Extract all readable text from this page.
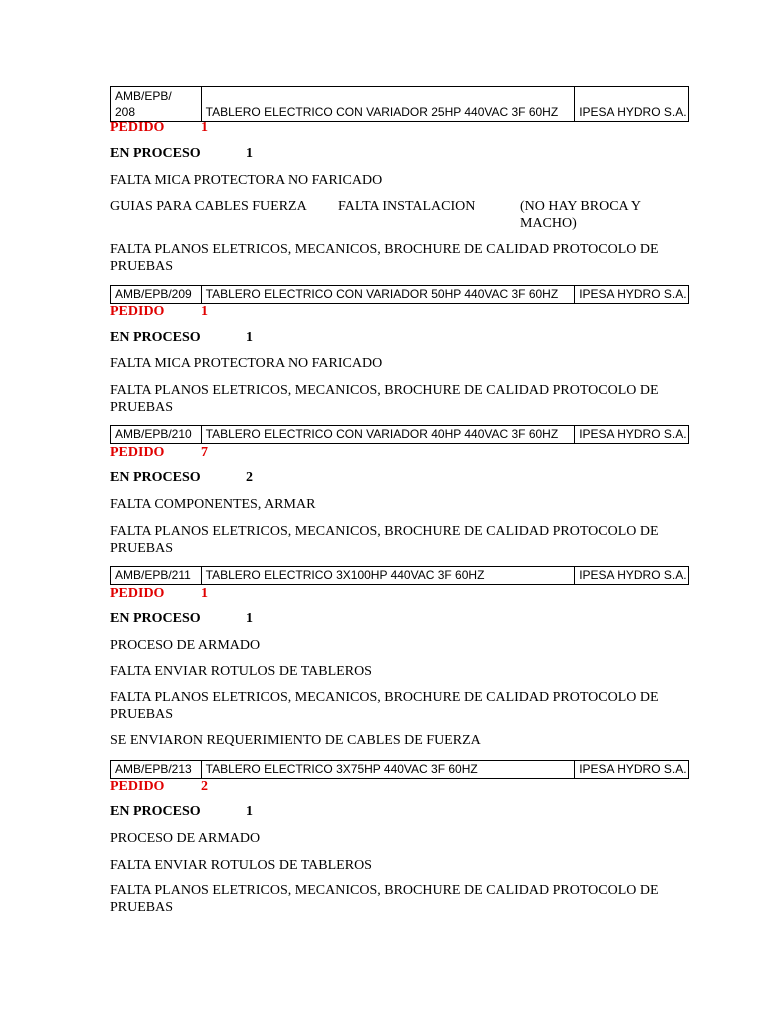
AMB/EPB/
208	TABLERO ELECTRICO CON VARIADOR 25HP 440VAC 3F 60HZ	IPESA HYDRO S.A.
PEDIDO	1
EN PROCESO	1
FALTA MICA PROTECTORA NO FARICADO
GUIAS PARA CABLES FUERZA FALTA INSTALACION	(NO HAY BROCA Y MACHO)
FALTA PLANOS ELETRICOS, MECANICOS, BROCHURE DE CALIDAD PROTOCOLO DE PRUEBAS
AMB/EPB/209	TABLERO ELECTRICO CON VARIADOR 50HP 440VAC 3F 60HZ	IPESA HYDRO S.A.
PEDIDO	1
EN PROCESO	1
FALTA MICA PROTECTORA NO FARICADO
FALTA PLANOS ELETRICOS, MECANICOS, BROCHURE DE CALIDAD PROTOCOLO DE PRUEBAS
AMB/EPB/210	TABLERO ELECTRICO CON VARIADOR 40HP 440VAC 3F 60HZ	IPESA HYDRO S.A.
PEDIDO	7
EN PROCESO	2
FALTA COMPONENTES, ARMAR
FALTA PLANOS ELETRICOS, MECANICOS, BROCHURE DE CALIDAD PROTOCOLO DE PRUEBAS
AMB/EPB/211	TABLERO ELECTRICO 3X100HP 440VAC 3F 60HZ	IPESA HYDRO S.A.
PEDIDO	1
EN PROCESO	1
PROCESO DE ARMADO
FALTA ENVIAR ROTULOS DE TABLEROS
FALTA PLANOS ELETRICOS, MECANICOS, BROCHURE DE CALIDAD PROTOCOLO DE PRUEBAS
SE ENVIARON REQUERIMIENTO DE CABLES DE FUERZA
AMB/EPB/213	TABLERO ELECTRICO 3X75HP 440VAC 3F 60HZ	IPESA HYDRO S.A.
PEDIDO	2
EN PROCESO	1
PROCESO DE ARMADO
FALTA ENVIAR ROTULOS DE TABLEROS
FALTA PLANOS ELETRICOS, MECANICOS, BROCHURE DE CALIDAD PROTOCOLO DE PRUEBAS
